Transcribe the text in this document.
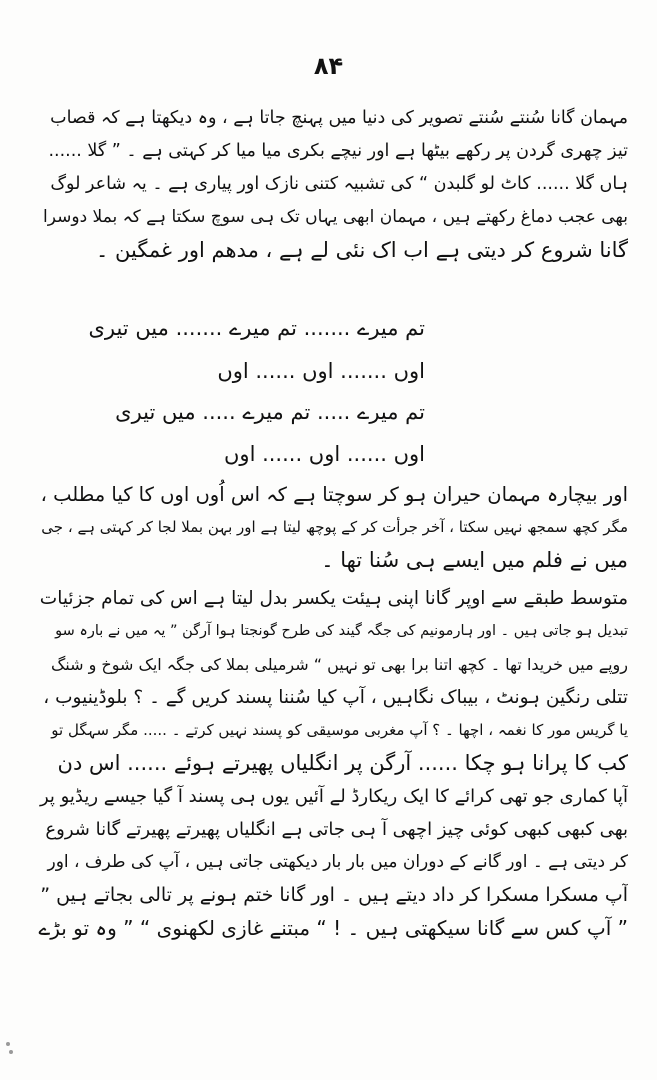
۸۴
مہمان گانا سُنتے سُنتے تصویر کی دنیا میں پہنچ جاتا ہے ، وہ دیکھتا ہے کہ قصاب
تیز چھری گردن پر رکھے بیٹھا ہے اور نیچے بکری میا میا کر کہتی ہے ۔ ” گلا ......
ہاں گلا ...... کاٹ لو گلبدن “ کی تشبیہ کتنی نازک اور پیاری ہے ۔ یہ شاعر لوگ
بھی عجب دماغ رکھتے ہیں ، مہمان ابھی یہاں تک ہی سوچ سکتا ہے کہ بملا دوسرا
گانا شروع کر دیتی ہے اب اک نئی لے ہے ، مدھم اور غمگین ۔
تم میرے ....... تم میرے ....... میں تیری
اوں ....... اوں ...... اوں
تم میرے ..... تم میرے ..... میں تیری
اوں ...... اوں ...... اوں
اور بیچارہ مہمان حیران ہو کر سوچتا ہے کہ اس اُوں اوں کا کیا مطلب ،
مگر کچھ سمجھ نہیں سکتا ، آخر جرأت کر کے پوچھ لیتا ہے اور بہن بملا لجا کر کہتی ہے ، جی
میں نے فلم میں ایسے ہی سُنا تھا ۔
متوسط طبقے سے اوپر گانا اپنی ہیئت یکسر بدل لیتا ہے اس کی تمام جزئیات
تبدیل ہو جاتی ہیں ۔ اور ہارمونیم کی جگہ گیند کی طرح گونجتا ہوا آرگن ” یہ میں نے بارہ سو
روپے میں خریدا تھا ۔ کچھ اتنا برا بھی تو نہیں “ شرمیلی بملا کی جگہ ایک شوخ و شنگ
تتلی رنگین ہونٹ ، بیباک نگاہیں ، آپ کیا سُننا پسند کریں گے ۔ ؟ بلوڈینیوب ،
یا گریس مور کا نغمہ ، اچھا ۔ ؟ آپ مغربی موسیقی کو پسند نہیں کرتے ۔ ..... مگر سہگل تو
کب کا پرانا ہو چکا ...... آرگن پر انگلیاں پھیرتے ہوئے ...... اس دن
آپا کماری جو تھی کرائے کا ایک ریکارڈ لے آئیں یوں ہی پسند آ گیا جیسے ریڈیو پر
بھی کبھی کبھی کوئی چیز اچھی آ ہی جاتی ہے انگلیاں پھیرتے پھیرتے گانا شروع
کر دیتی ہے ۔ اور گانے کے دوران میں بار بار دیکھتی جاتی ہیں ، آپ کی طرف ، اور
آپ مسکرا مسکرا کر داد دیتے ہیں ۔ اور گانا ختم ہونے پر تالی بجاتے ہیں ”
” آپ کس سے گانا سیکھتی ہیں ۔ ! “ مبتنے غازی لکھنوی “ ” وہ تو بڑے
